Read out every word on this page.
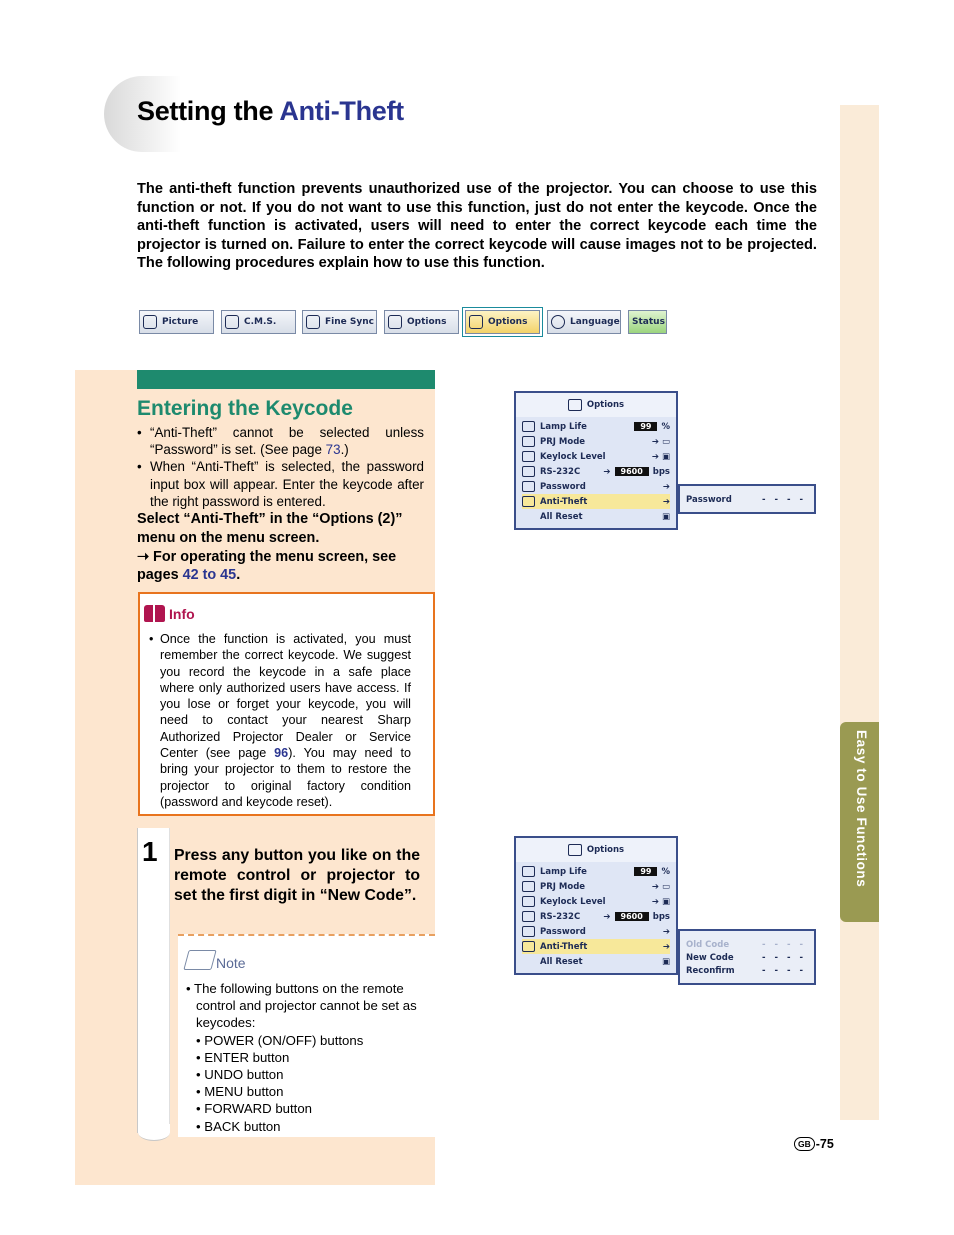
Setting the Anti-Theft
The anti-theft function prevents unauthorized use of the projector. You can choose to use this function or not. If you do not want to use this function, just do not enter the keycode. Once the anti-theft function is activated, users will need to enter the correct keycode each time the projector is turned on. Failure to enter the correct keycode will cause images not to be projected. The following procedures explain how to use this function.
Picture	C.M.S.	Fine Sync	Options	Options	Language Status
Entering the Keycode
• “Anti-Theft” cannot be selected unless “Password” is set. (See page 73.)
• When “Anti-Theft” is selected, the password input box will appear. Enter the keycode after the right password is entered.
Select “Anti-Theft” in the “Options (2)” menu on the menu screen.
➝ For operating the menu screen, see pages 42 to 45.
Info
• Once the function is activated, you must remember the correct keycode. We suggest you record the keycode in a safe place where only authorized users have access. If you lose or forget your keycode, you will need to contact your nearest Sharp Authorized Projector Dealer or Service Center (see page 96). You may need to bring your projector to them to restore the projector to original factory condition (password and keycode reset).
1 Press any button you like on the remote control or projector to set the first digit in “New Code”.
Note
• The following buttons on the remote control and projector cannot be set as keycodes:
• POWER (ON/OFF) buttons
• ENTER button
• UNDO button
• MENU button
• FORWARD button
• BACK button
Options
Lamp Life	99	%
PRJ Mode	➔ ▭
Keylock Level	➔ ▣
RS-232C	➔	9600	bps
Password	➔
Anti-Theft	➔
All Reset	▣
Password	- - - -
Options
Lamp Life	99	%
PRJ Mode	➔ ▭
Keylock Level	➔ ▣
RS-232C	➔	9600	bps
Password	➔
Anti-Theft	➔
All Reset	▣
Old Code	- - - -
New Code	- - - -
Reconfirm	- - - -
Easy to Use Functions
GB -75
